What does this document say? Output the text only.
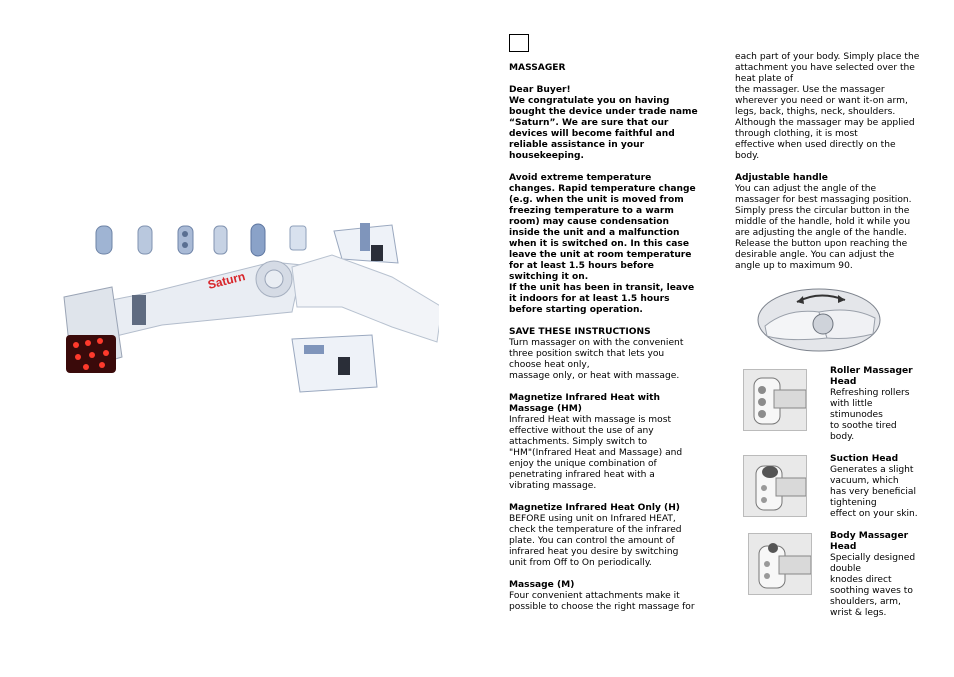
Saturn

MASSAGER

Dear Buyer!

We congratulate you on having

bought the device under trade name

“Saturn”. We are sure that our

devices will become faithful and

reliable assistance in your

housekeeping.

Avoid extreme temperature

changes. Rapid temperature change

(e.g. when the unit is moved from

freezing temperature to a warm

room) may cause condensation

inside the unit and a malfunction

when it is switched on. In this case

leave the unit at room temperature

for at least 1.5 hours before

switching it on.

If the unit has been in transit, leave

it indoors for at least 1.5 hours

before starting operation.

SAVE THESE INSTRUCTIONS

Turn massager on with the convenient

three position switch that lets you

choose heat only,

massage only, or heat with massage.

Magnetize Infrared Heat with

Massage (HM)

Infrared Heat with massage is most

effective without the use of any

attachments. Simply switch to

"HM"(Infrared Heat and Massage) and

enjoy the unique combination of

penetrating infrared heat with a

vibrating massage.

Magnetize Infrared Heat Only (H)

BEFORE using unit on Infrared HEAT,

check the temperature of the infrared

plate. You can control the amount of

infrared heat you desire by switching

unit from Off to On periodically.

Massage (M)

Four convenient attachments make it

possible to choose the right massage for

each part of your body. Simply place the

attachment you have selected over the

heat plate of

the massager. Use the massager

wherever you need or want it-on arm,

legs, back, thighs, neck, shoulders.

Although the massager may be applied

through clothing, it is most

effective when used directly on the

body.

Adjustable handle

You can adjust the angle of the

massager for best massaging position.

Simply press the circular button in the

middle of the handle, hold it while you

are adjusting the angle of the handle.

Release the button upon reaching the

desirable angle. You can adjust the

angle up to maximum 90.

Roller Massager

Head

Refreshing rollers

with little

stimunodes

to soothe tired

body.

Suction Head

Generates a slight

vacuum, which

has very beneficial

tightening

effect on your skin.

Body Massager

Head

Specially designed

double

knodes direct

soothing waves to

shoulders, arm,

wrist & legs.
